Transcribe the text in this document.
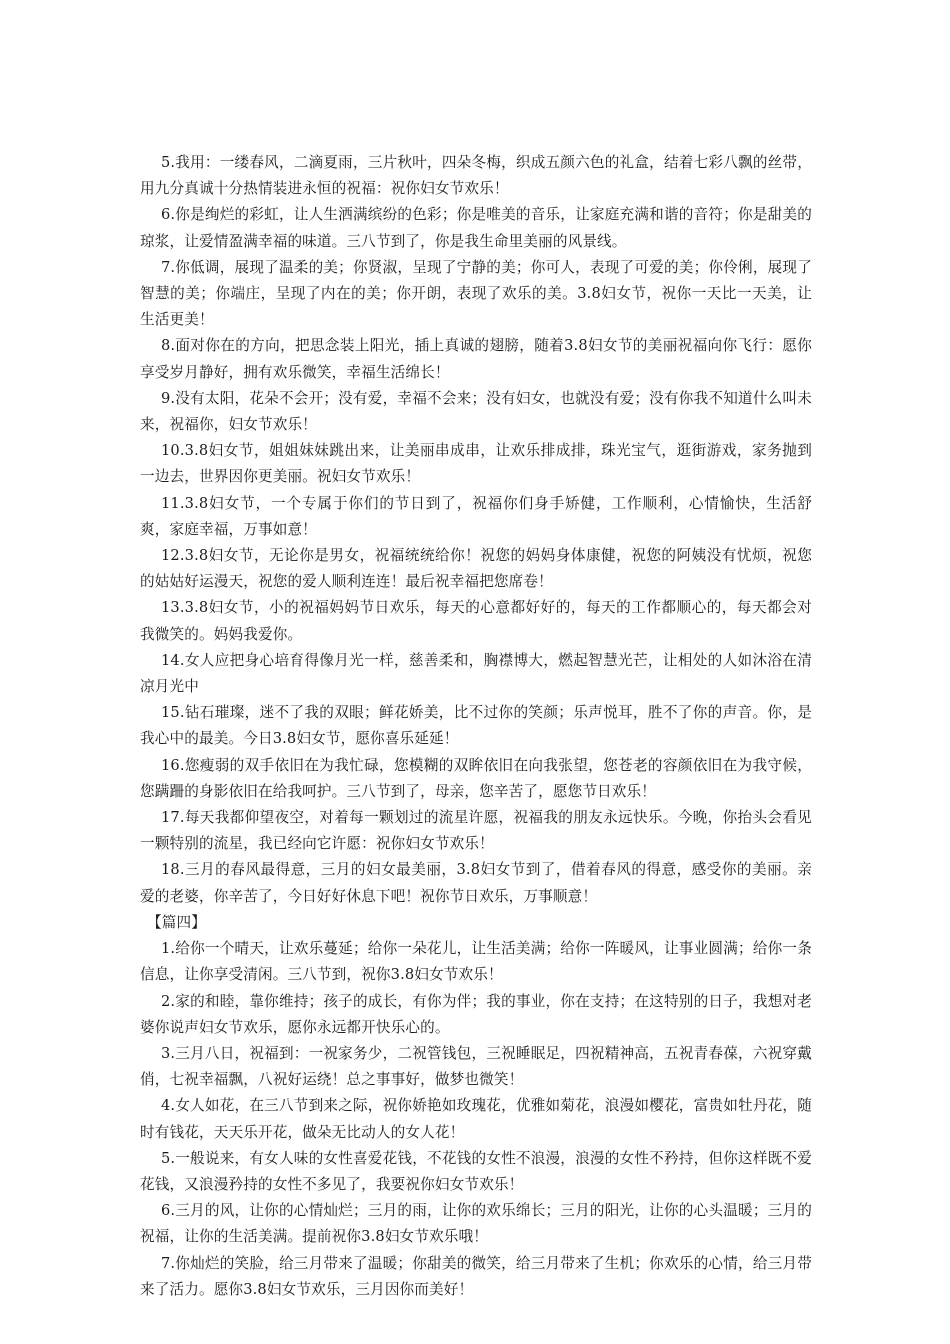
5.我用：一缕春风，二滴夏雨，三片秋叶，四朵冬梅，织成五颜六色的礼盒，结着七彩八飘的丝带，用九分真诚十分热情装进永恒的祝福：祝你妇女节欢乐！

6.你是绚烂的彩虹，让人生洒满缤纷的色彩；你是唯美的音乐，让家庭充满和谐的音符；你是甜美的琼浆，让爱情盈满幸福的味道。三八节到了，你是我生命里美丽的风景线。

7.你低调，展现了温柔的美；你贤淑，呈现了宁静的美；你可人，表现了可爱的美；你伶俐，展现了智慧的美；你端庄，呈现了内在的美；你开朗，表现了欢乐的美。3.8妇女节，祝你一天比一天美，让生活更美！

8.面对你在的方向，把思念装上阳光，插上真诚的翅膀，随着3.8妇女节的美丽祝福向你飞行：愿你享受岁月静好，拥有欢乐微笑，幸福生活绵长！

9.没有太阳，花朵不会开；没有爱，幸福不会来；没有妇女，也就没有爱；没有你我不知道什么叫未来，祝福你，妇女节欢乐！

10.3.8妇女节，姐姐妹妹跳出来，让美丽串成串，让欢乐排成排，珠光宝气，逛街游戏，家务抛到一边去，世界因你更美丽。祝妇女节欢乐！

11.3.8妇女节，一个专属于你们的节日到了，祝福你们身手矫健，工作顺利，心情愉快，生活舒爽，家庭幸福，万事如意！

12.3.8妇女节，无论你是男女，祝福统统给你！祝您的妈妈身体康健，祝您的阿姨没有忧烦，祝您的姑姑好运漫天，祝您的爱人顺利连连！最后祝幸福把您席卷！

13.3.8妇女节，小的祝福妈妈节日欢乐，每天的心意都好好的，每天的工作都顺心的，每天都会对我微笑的。妈妈我爱你。

14.女人应把身心培育得像月光一样，慈善柔和，胸襟博大，燃起智慧光芒，让相处的人如沐浴在清凉月光中

15.钻石璀璨，迷不了我的双眼；鲜花娇美，比不过你的笑颜；乐声悦耳，胜不了你的声音。你，是我心中的最美。今日3.8妇女节，愿你喜乐延延！

16.您瘦弱的双手依旧在为我忙碌，您模糊的双眸依旧在向我张望，您苍老的容颜依旧在为我守候，您蹒跚的身影依旧在给我呵护。三八节到了，母亲，您辛苦了，愿您节日欢乐！

17.每天我都仰望夜空，对着每一颗划过的流星许愿，祝福我的朋友永远快乐。今晚，你抬头会看见一颗特别的流星，我已经向它许愿：祝你妇女节欢乐！

18.三月的春风最得意，三月的妇女最美丽，3.8妇女节到了，借着春风的得意，感受你的美丽。亲爱的老婆，你辛苦了，今日好好休息下吧！祝你节日欢乐，万事顺意！

【篇四】

1.给你一个晴天，让欢乐蔓延；给你一朵花儿，让生活美满；给你一阵暖风，让事业圆满；给你一条信息，让你享受清闲。三八节到，祝你3.8妇女节欢乐！

2.家的和睦，靠你维持；孩子的成长，有你为伴；我的事业，你在支持；在这特别的日子，我想对老婆你说声妇女节欢乐，愿你永远都开快乐心的。

3.三月八日，祝福到：一祝家务少，二祝管钱包，三祝睡眠足，四祝精神高，五祝青春葆，六祝穿戴俏，七祝幸福飘，八祝好运绕！总之事事好，做梦也微笑！

4.女人如花，在三八节到来之际，祝你娇艳如玫瑰花，优雅如菊花，浪漫如樱花，富贵如牡丹花，随时有钱花，天天乐开花，做朵无比动人的女人花！

5.一般说来，有女人味的女性喜爱花钱，不花钱的女性不浪漫，浪漫的女性不矜持，但你这样既不爱花钱，又浪漫矜持的女性不多见了，我要祝你妇女节欢乐！

6.三月的风，让你的心情灿烂；三月的雨，让你的欢乐绵长；三月的阳光，让你的心头温暖；三月的祝福，让你的生活美满。提前祝你3.8妇女节欢乐哦！

7.你灿烂的笑脸，给三月带来了温暖；你甜美的微笑，给三月带来了生机；你欢乐的心情，给三月带来了活力。愿你3.8妇女节欢乐，三月因你而美好！
